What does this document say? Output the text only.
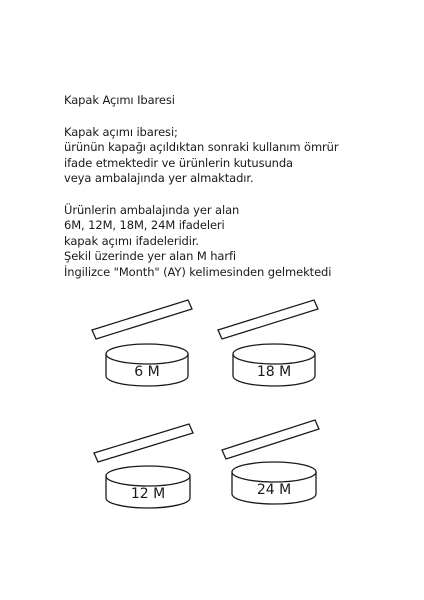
Kapak Açımı Ibaresi
Kapak açımı ibaresi;
ürünün kapağı açıldıktan sonraki kullanım ömrür
ifade etmektedir ve ürünlerin kutusunda
veya ambalajında yer almaktadır.
Ürünlerin ambalajında yer alan
6M, 12M, 18M, 24M ifadeleri
kapak açımı ifadeleridir.
Şekil üzerinde yer alan M harfi
İngilizce "Month" (AY) kelimesinden gelmektedi
6 M	18 M
12 M	24 M
